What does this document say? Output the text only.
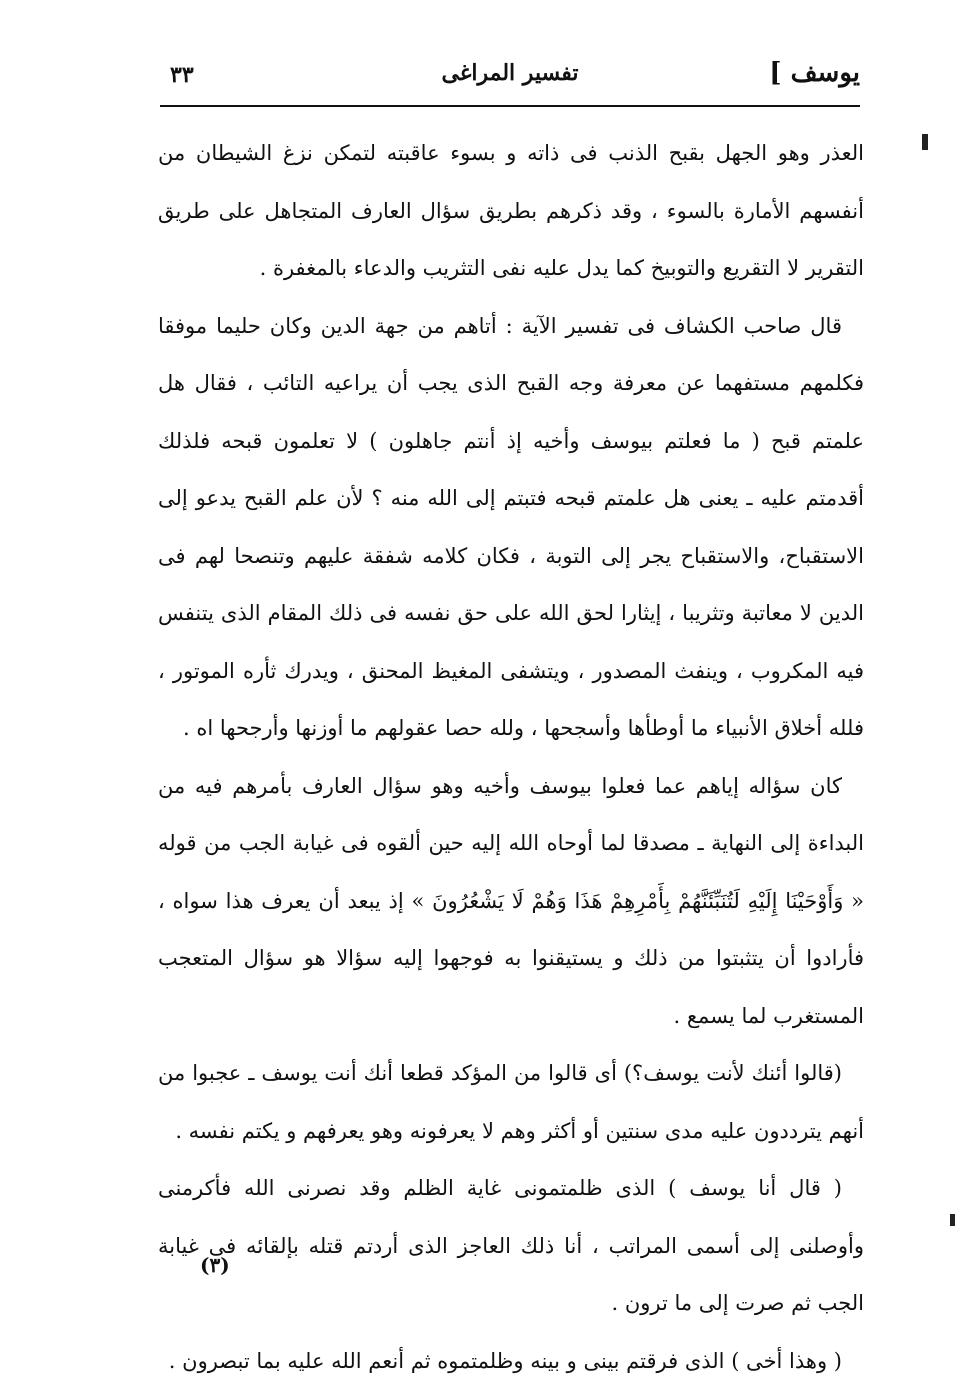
يوسف ]
تفسير المراغى
٣٣

العذر وهو الجهل بقبح الذنب فى ذاته و بسوء عاقبته لتمكن نزغ الشيطان من أنفسهم الأمارة بالسوء ، وقد ذكرهم بطريق سؤال العارف المتجاهل على طريق التقرير لا التقريع والتوبيخ كما يدل عليه نفى التثريب والدعاء بالمغفرة .

قال صاحب الكشاف فى تفسير الآية : أتاهم من جهة الدين وكان حليما موفقا فكلمهم مستفهما عن معرفة وجه القبح الذى يجب أن يراعيه التائب ، فقال هل علمتم قبح ( ما فعلتم بيوسف وأخيه إذ أنتم جاهلون ) لا تعلمون قبحه فلذلك أقدمتم عليه ـ يعنى هل علمتم قبحه فتبتم إلى الله منه ؟ لأن علم القبح يدعو إلى الاستقباح، والاستقباح يجر إلى التوبة ، فكان كلامه شفقة عليهم وتنصحا لهم فى الدين لا معاتبة وتثريبا ، إيثارا لحق الله على حق نفسه فى ذلك المقام الذى يتنفس فيه المكروب ، وينفث المصدور ، ويتشفى المغيظ المحنق ، ويدرك ثأره الموتور ، فلله أخلاق الأنبياء ما أوطأها وأسجحها ، ولله حصا عقولهم ما أوزنها وأرجحها اه .

كان سؤاله إياهم عما فعلوا بيوسف وأخيه وهو سؤال العارف بأمرهم فيه من البداءة إلى النهاية ـ مصدقا لما أوحاه الله إليه حين ألقوه فى غيابة الجب من قوله « وَأَوْحَيْنَا إِلَيْهِ لَتُنَبِّئَنَّهُمْ بِأَمْرِهِمْ هَذَا وَهُمْ لَا يَشْعُرُونَ » إذ يبعد أن يعرف هذا سواه ، فأرادوا أن يتثبتوا من ذلك و يستيقنوا به فوجهوا إليه سؤالا هو سؤال المتعجب المستغرب لما يسمع .

(قالوا أئنك لأنت يوسف؟) أى قالوا من المؤكد قطعا أنك أنت يوسف ـ عجبوا من أنهم يترددون عليه مدى سنتين أو أكثر وهم لا يعرفونه وهو يعرفهم و يكتم نفسه .

( قال أنا يوسف ) الذى ظلمتمونى غاية الظلم وقد نصرنى الله فأكرمنى وأوصلنى إلى أسمى المراتب ، أنا ذلك العاجز الذى أردتم قتله بإلقائه فى غيابة الجب ثم صرت إلى ما ترون .

( وهذا أخى ) الذى فرقتم بينى و بينه وظلمتموه ثم أنعم الله عليه بما تبصرون .

(٣)
